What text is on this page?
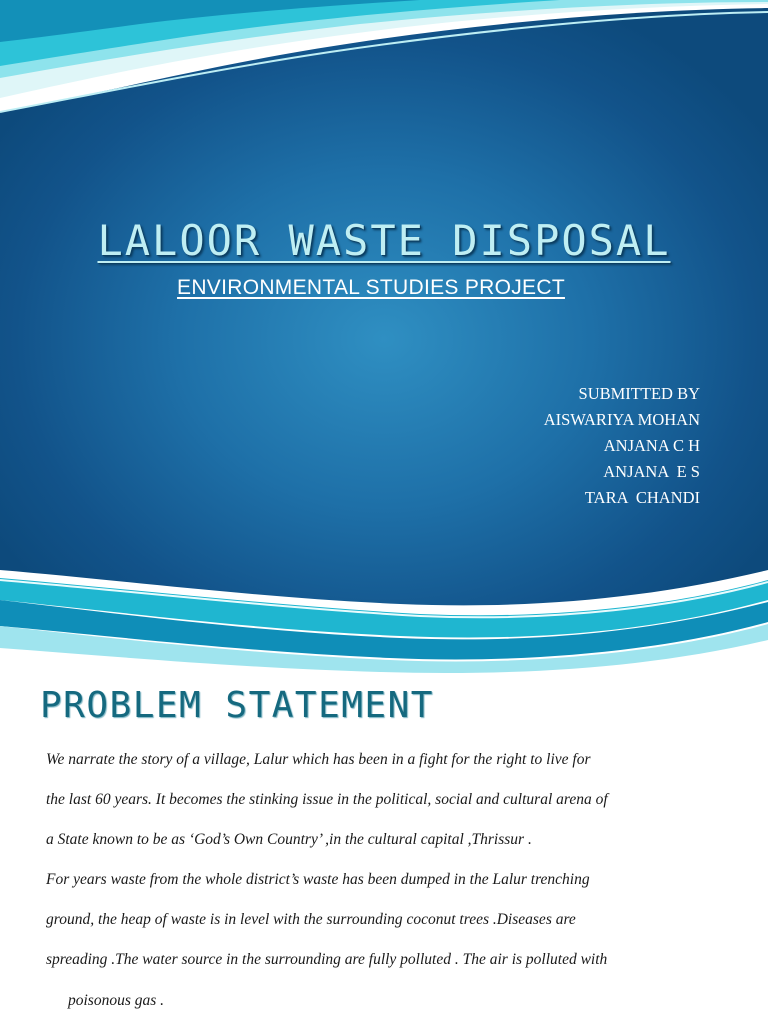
LALOOR WASTE DISPOSAL
ENVIRONMENTAL STUDIES PROJECT
SUBMITTED BY
AISWARIYA MOHAN
ANJANA C H
ANJANA  E S
TARA  CHANDI
PROBLEM STATEMENT

We narrate the story of a village, Lalur which has been in a fight for the right to live for

the last 60 years. It becomes the stinking issue in the political, social and cultural arena of

a State known to be as ‘God’s Own Country’ ,in the cultural capital ,Thrissur .

For years waste from the whole district’s waste has been dumped in the Lalur trenching

ground, the heap of waste is in level with the surrounding coconut trees .Diseases are

spreading .The water source in the surrounding are fully polluted . The air is polluted with

poisonous gas .
